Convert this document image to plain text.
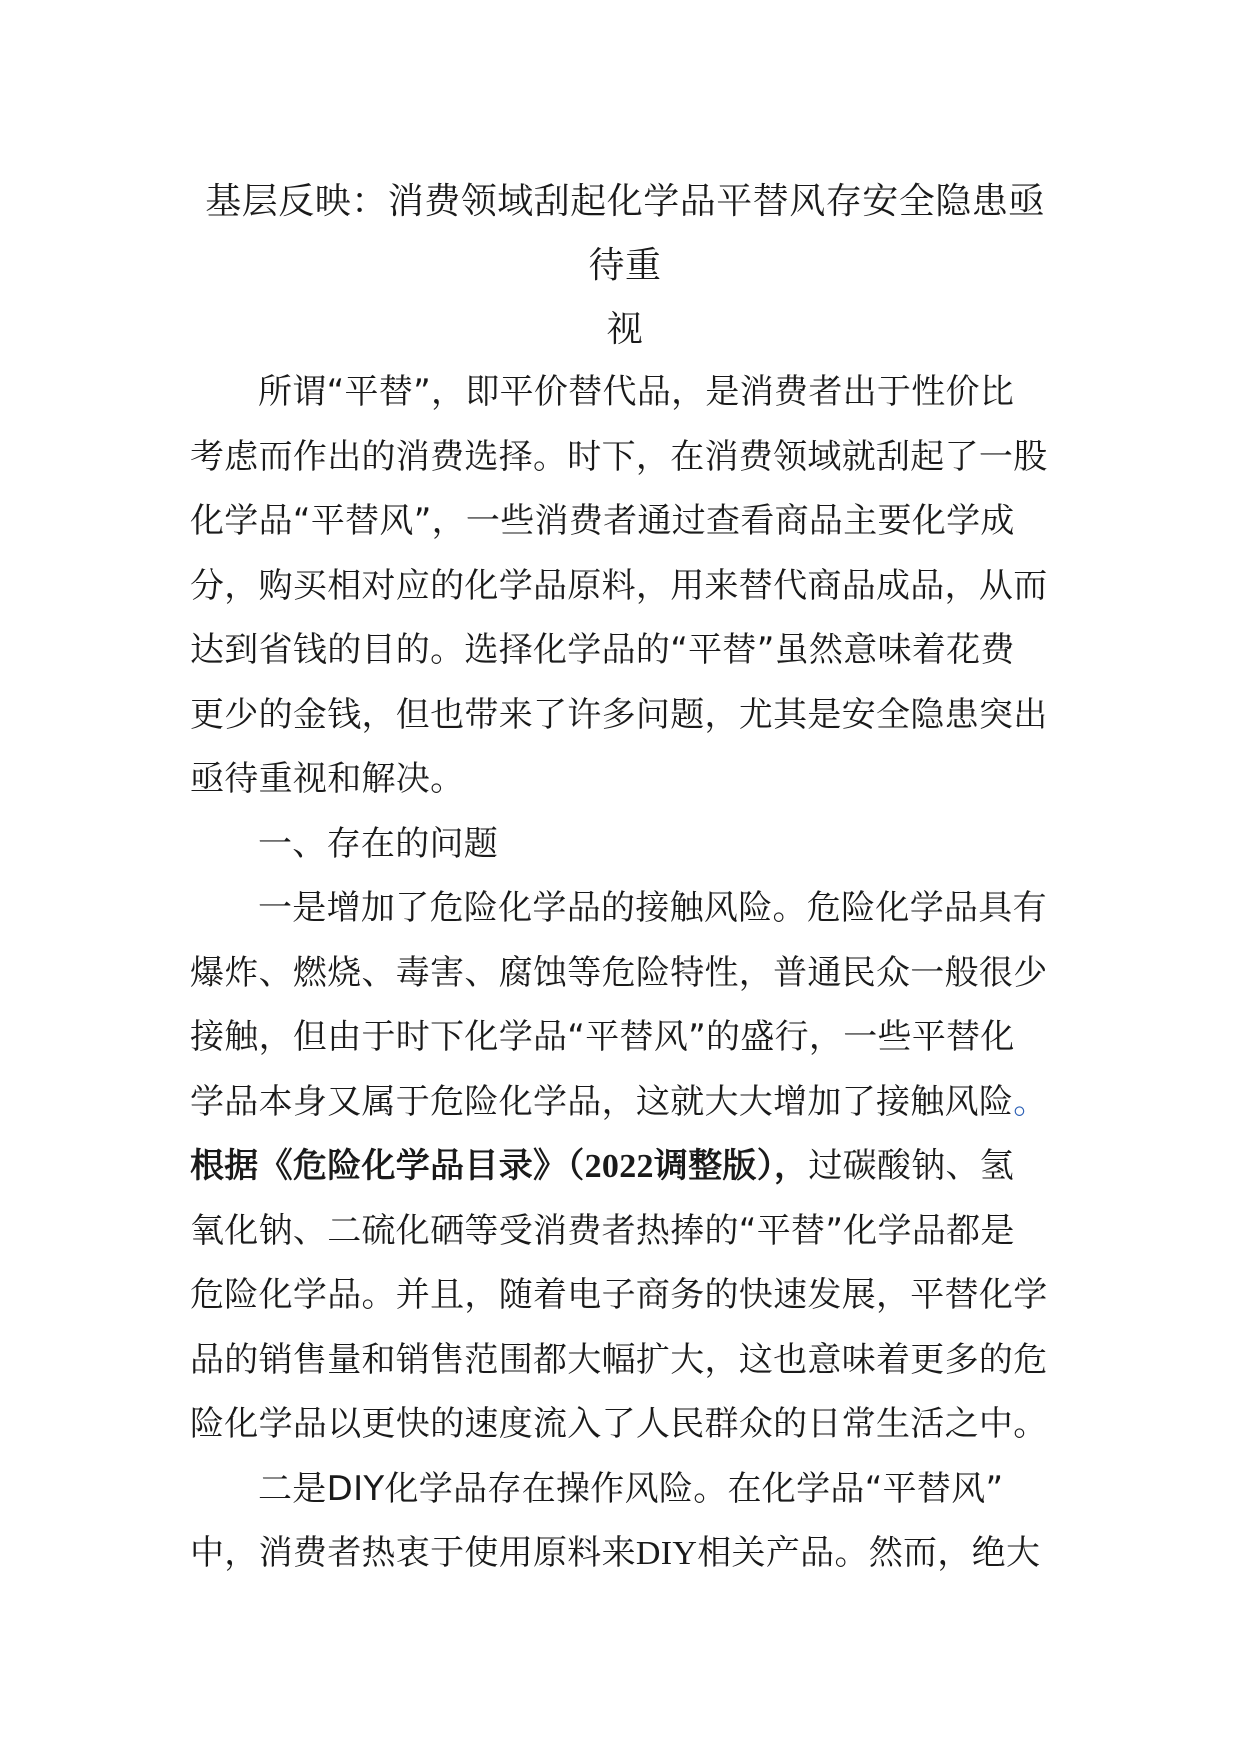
基层反映：消费领域刮起化学品平替风存安全隐患亟待重
视
所谓“平替”，即平价替代品，是消费者出于性价比
考虑而作出的消费选择。时下，在消费领域就刮起了一股
化学品“平替风”，一些消费者通过查看商品主要化学成
分，购买相对应的化学品原料，用来替代商品成品，从而
达到省钱的目的。选择化学品的“平替”虽然意味着花费
更少的金钱，但也带来了许多问题，尤其是安全隐患突出
亟待重视和解决。
一、存在的问题
一是增加了危险化学品的接触风险。危险化学品具有
爆炸、燃烧、毒害、腐蚀等危险特性，普通民众一般很少
接触，但由于时下化学品“平替风”的盛行，一些平替化
学品本身又属于危险化学品，这就大大增加了接触风险。
根据《危险化学品目录》（2022调整版），过碳酸钠、氢
氧化钠、二硫化硒等受消费者热捧的“平替”化学品都是
危险化学品。并且，随着电子商务的快速发展，平替化学
品的销售量和销售范围都大幅扩大，这也意味着更多的危
险化学品以更快的速度流入了人民群众的日常生活之中。
二是DIY化学品存在操作风险。在化学品“平替风”
中，消费者热衷于使用原料来DIY相关产品。然而，绝大
